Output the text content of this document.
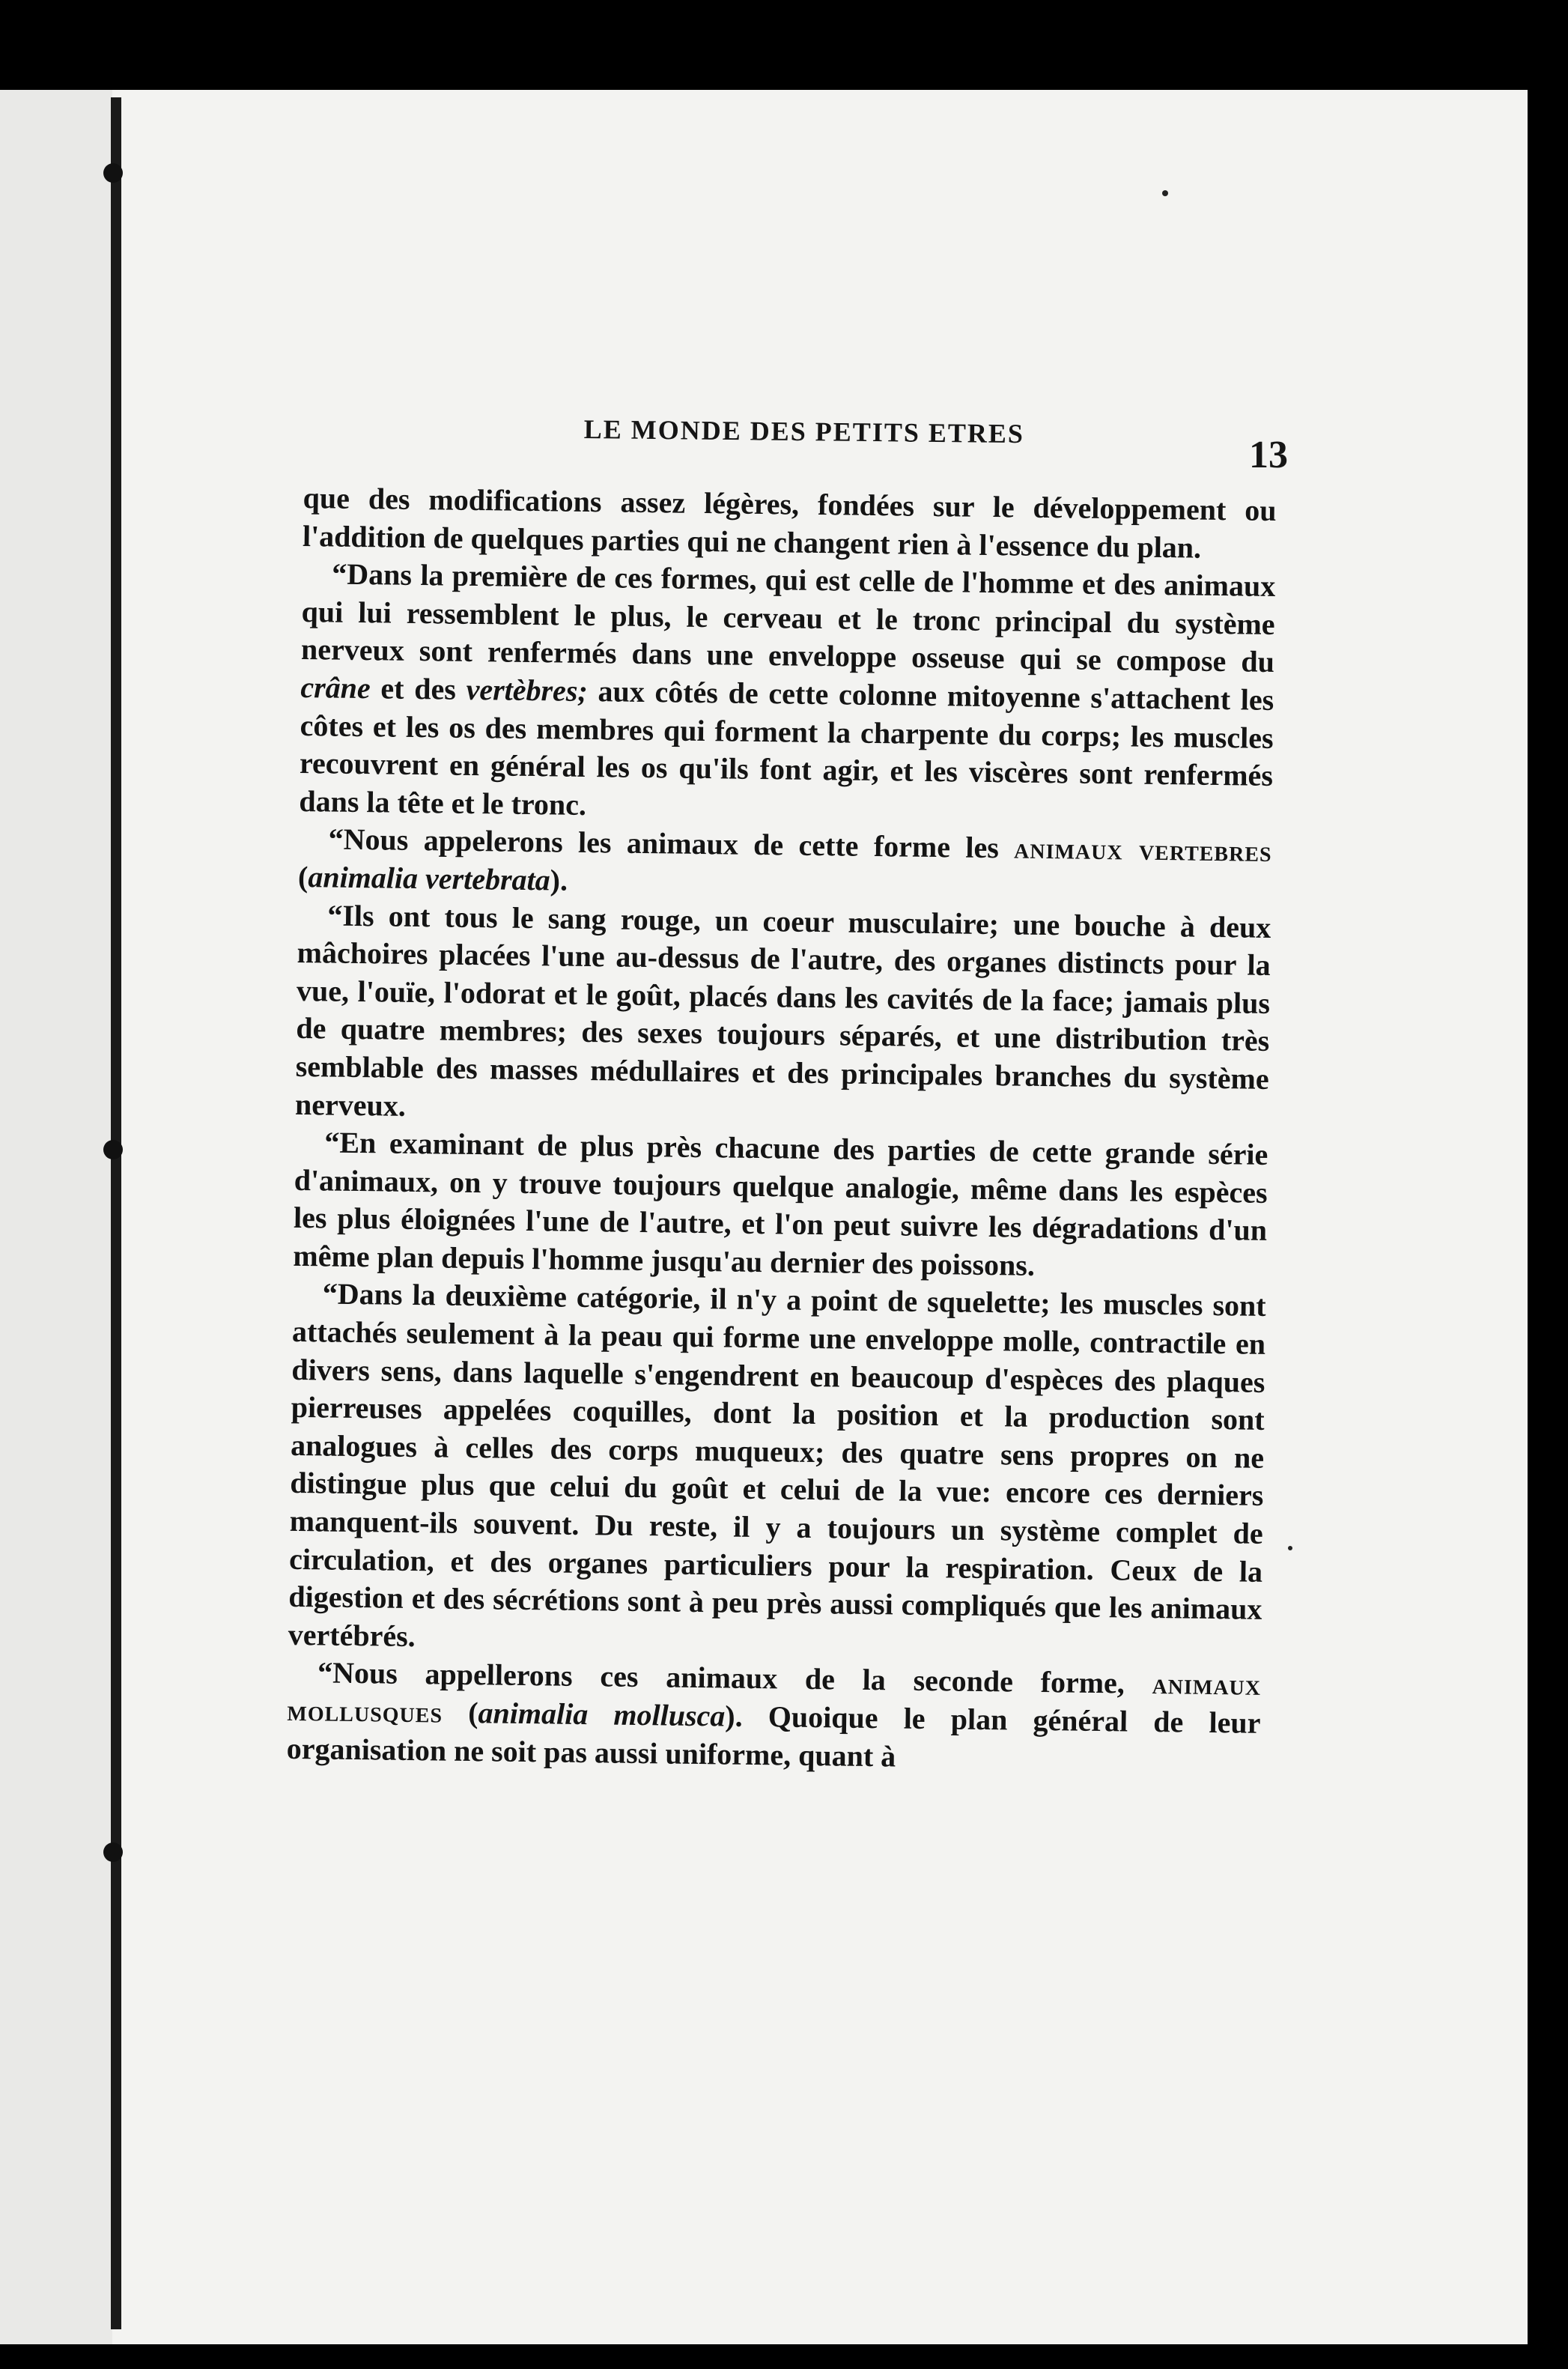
LE MONDE DES PETITS ETRES
13

que des modifications assez légères, fondées sur le développement ou l'addition de quelques parties qui ne changent rien à l'essence du plan.

“Dans la première de ces formes, qui est celle de l'homme et des animaux qui lui ressemblent le plus, le cerveau et le tronc principal du système nerveux sont renfermés dans une enveloppe osseuse qui se compose du crâne et des vertèbres; aux côtés de cette colonne mitoyenne s'attachent les côtes et les os des membres qui forment la charpente du corps; les muscles recouvrent en général les os qu'ils font agir, et les viscères sont renfermés dans la tête et le tronc.

“Nous appelerons les animaux de cette forme les animaux vertebres (animalia vertebrata).

“Ils ont tous le sang rouge, un coeur musculaire; une bouche à deux mâchoires placées l'une au-dessus de l'autre, des organes distincts pour la vue, l'ouïe, l'odorat et le goût, placés dans les cavités de la face; jamais plus de quatre membres; des sexes toujours séparés, et une distribution très semblable des masses médullaires et des principales branches du système nerveux.

“En examinant de plus près chacune des parties de cette grande série d'animaux, on y trouve toujours quelque analogie, même dans les espèces les plus éloignées l'une de l'autre, et l'on peut suivre les dégradations d'un même plan depuis l'homme jusqu'au dernier des poissons.

“Dans la deuxième catégorie, il n'y a point de squelette; les muscles sont attachés seulement à la peau qui forme une enveloppe molle, contractile en divers sens, dans laquelle s'engendrent en beaucoup d'espèces des plaques pierreuses appelées coquilles, dont la position et la production sont analogues à celles des corps muqueux; des quatre sens propres on ne distingue plus que celui du goût et celui de la vue: encore ces derniers manquent-ils souvent. Du reste, il y a toujours un système complet de circulation, et des organes particuliers pour la respiration. Ceux de la digestion et des sécrétions sont à peu près aussi compliqués que les animaux vertébrés.

“Nous appellerons ces animaux de la seconde forme, animaux mollusques (animalia mollusca). Quoique le plan général de leur organisation ne soit pas aussi uniforme, quant à
